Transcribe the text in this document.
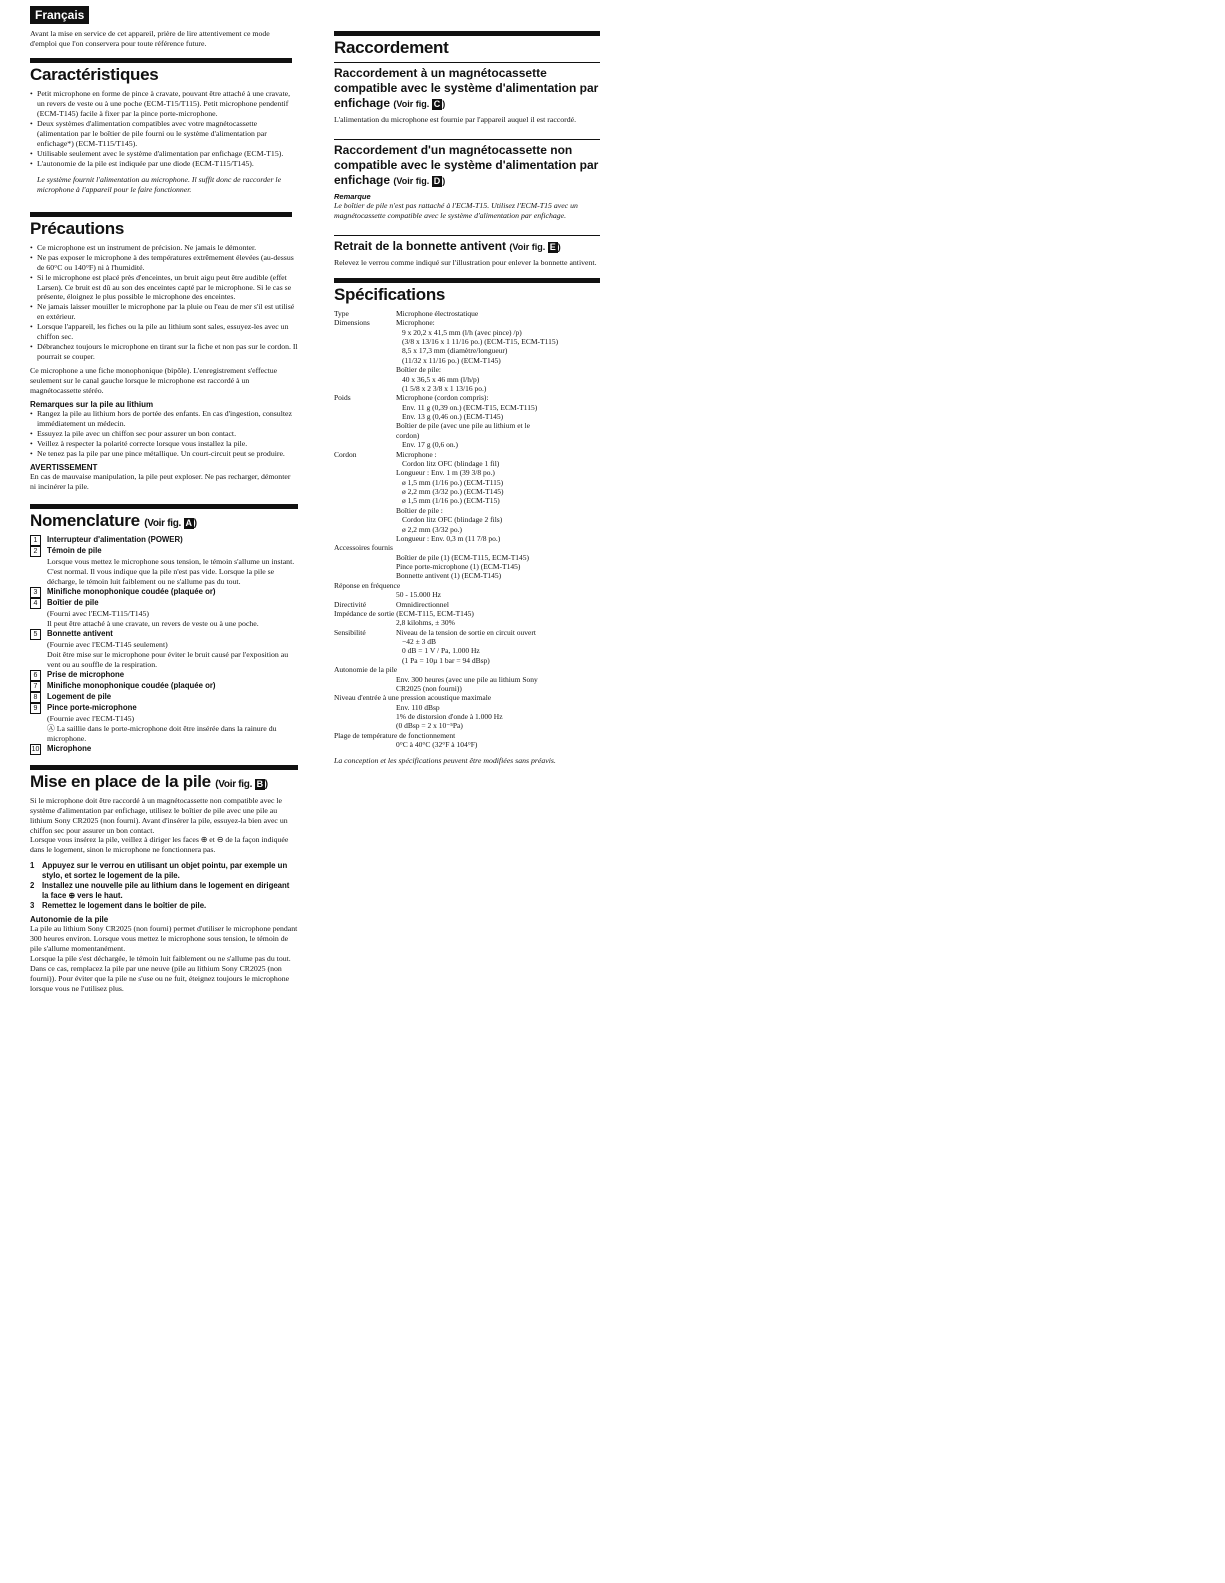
Français

Avant la mise en service de cet appareil, prière de lire attentivement ce mode d'emploi que l'on conservera pour toute référence future.

Caractéristiques
• Petit microphone en forme de pince à cravate, pouvant être attaché à une cravate, un revers de veste ou à une poche (ECM-T15/T115). Petit microphone pendentif (ECM-T145) facile à fixer par la pince porte-microphone.
• Deux systèmes d'alimentation compatibles avec votre magnétocassette (alimentation par le boîtier de pile fourni ou le système d'alimentation par enfichage*) (ECM-T115/T145).
• Utilisable seulement avec le système d'alimentation par enfichage (ECM-T15).
• L'autonomie de la pile est indiquée par une diode (ECM-T115/T145).

Le système fournit l'alimentation au microphone. Il suffit donc de raccorder le microphone à l'appareil pour le faire fonctionner.

Précautions
• Ce microphone est un instrument de précision. Ne jamais le démonter.
• Ne pas exposer le microphone à des températures extrêmement élevées (au-dessus de 60°C ou 140°F) ni à l'humidité.
• Si le microphone est placé près d'enceintes, un bruit aigu peut être audible (effet Larsen). Ce bruit est dû au son des enceintes capté par le microphone. Si le cas se présente, éloignez le plus possible le microphone des enceintes.
• Ne jamais laisser mouiller le microphone par la pluie ou l'eau de mer s'il est utilisé en extérieur.
• Lorsque l'appareil, les fiches ou la pile au lithium sont sales, essuyez-les avec un chiffon sec.
• Débranchez toujours le microphone en tirant sur la fiche et non pas sur le cordon. Il pourrait se couper.

Ce microphone a une fiche monophonique (bipôle). L'enregistrement s'effectue seulement sur le canal gauche lorsque le microphone est raccordé à un magnétocassette stéréo.

Remarques sur la pile au lithium
• Rangez la pile au lithium hors de portée des enfants. En cas d'ingestion, consultez immédiatement un médecin.
• Essuyez la pile avec un chiffon sec pour assurer un bon contact.
• Veillez à respecter la polarité correcte lorsque vous installez la pile.
• Ne tenez pas la pile par une pince métallique. Un court-circuit peut se produire.
AVERTISSEMENT

En cas de mauvaise manipulation, la pile peut exploser. Ne pas recharger, démonter ni incinérer la pile.

Nomenclature (Voir fig. A )
1	Interrupteur d'alimentation (POWER)
2	Témoin de pile

Lorsque vous mettez le microphone sous tension, le témoin s'allume un instant. C'est normal. Il vous indique que la pile n'est pas vide. Lorsque la pile se décharge, le témoin luit faiblement ou ne s'allume pas du tout.

3	Minifiche monophonique coudée (plaquée or)
4	Boîtier de pile

(Fourni avec l'ECM-T115/T145)
Il peut être attaché à une cravate, un revers de veste ou à une poche.

5	Bonnette antivent

(Fournie avec l'ECM-T145 seulement)
Doit être mise sur le microphone pour éviter le bruit causé par l'exposition au vent ou au souffle de la respiration.

6	Prise de microphone
7	Minifiche monophonique coudée (plaquée or)
8	Logement de pile
9	Pince porte-microphone

(Fournie avec l'ECM-T145)
Ⓐ La saillie dans le porte-microphone doit être insérée dans la rainure du microphone.

10 Microphone
Mise en place de la pile (Voir fig. B )

Si le microphone doit être raccordé à un magnétocassette non compatible avec le système d'alimentation par enfichage, utilisez le boîtier de pile avec une pile au lithium Sony CR2025 (non fourni). Avant d'insérer la pile, essuyez-la bien avec un chiffon sec pour assurer un bon contact.

Lorsque vous insérez la pile, veillez à diriger les faces ⊕ et ⊖ de la façon indiquée dans le logement, sinon le microphone ne fonctionnera pas.

1 Appuyez sur le verrou en utilisant un objet pointu, par exemple un stylo, et sortez le logement de la pile.
2 Installez une nouvelle pile au lithium dans le logement en dirigeant la face ⊕ vers le haut.
3 Remettez le logement dans le boîtier de pile.
Autonomie de la pile

La pile au lithium Sony CR2025 (non fourni) permet d'utiliser le microphone pendant 300 heures environ. Lorsque vous mettez le microphone sous tension, le témoin de pile s'allume momentanément.

Lorsque la pile s'est déchargée, le témoin luit faiblement ou ne s'allume pas du tout. Dans ce cas, remplacez la pile par une neuve (pile au lithium Sony CR2025 (non fourni)). Pour éviter que la pile ne s'use ou ne fuit, éteignez toujours le microphone lorsque vous ne l'utilisez plus.

Raccordement
Raccordement à un magnétocassette compatible avec le système d'alimentation par enfichage (Voir fig. C )

L'alimentation du microphone est fournie par l'appareil auquel il est raccordé.

Raccordement d'un magnétocassette non compatible avec le système d'alimentation par enfichage (Voir fig. D )
Remarque

Le boîtier de pile n'est pas rattaché à l'ECM-T15. Utilisez l'ECM-T15 avec un magnétocassette compatible avec le système d'alimentation par enfichage.

Retrait de la bonnette antivent (Voir fig. E )

Relevez le verrou comme indiqué sur l'illustration pour enlever la bonnette antivent.

Spécifications
Type	Microphone électrostatique
Dimensions	Microphone:
9 x 20,2 x 41,5 mm (l/h (avec pince) /p)
(3/8 x 13/16 x 1 11/16 po.) (ECM-T15, ECM-T115)
8,5 x 17,3 mm (diamètre/longueur)
(11/32 x 11/16 po.) (ECM-T145)
Boîtier de pile:
40 x 36,5 x 46 mm (l/h/p)
(1 5/8 x 2 3/8 x 1 13/16 po.)
Poids	Microphone (cordon compris):
Env. 11 g (0,39 on.) (ECM-T15, ECM-T115)
Env. 13 g (0,46 on.) (ECM-T145)
Boîtier de pile (avec une pile au lithium et le
cordon)
Env. 17 g (0,6 on.)
Cordon	Microphone :
Cordon litz OFC (blindage 1 fil)
Longueur : Env. 1 m (39 3/8 po.)
ø 1,5 mm (1/16 po.) (ECM-T115)
ø 2,2 mm (3/32 po.) (ECM-T145)
ø 1,5 mm (1/16 po.) (ECM-T15)
Boîtier de pile :
Cordon litz OFC (blindage 2 fils)
ø 2,2 mm (3/32 po.)
Longueur : Env. 0,3 m (11 7/8 po.)
Accessoires fournis
Boîtier de pile (1) (ECM-T115, ECM-T145)
Pince porte-microphone (1) (ECM-T145)
Bonnette antivent (1) (ECM-T145)
Réponse en fréquence
50 - 15.000 Hz
Directivité	Omnidirectionnel
Impédance de sortie (ECM-T115, ECM-T145)
2,8 kilohms, ± 30%
Sensibilité	Niveau de la tension de sortie en circuit ouvert
−42 ± 3 dB
0 dB = 1 V / Pa, 1.000 Hz
(1 Pa = 10µ 1 bar = 94 dBsp)
Autonomie de la pile
Env. 300 heures (avec une pile au lithium Sony
CR2025 (non fourni))
Niveau d'entrée à une pression acoustique maximale
Env. 110 dBsp
1% de distorsion d'onde à 1.000 Hz
(0 dBsp = 2 x 10⁻⁵Pa)
Plage de température de fonctionnement
0°C à 40°C (32°F à 104°F)

La conception et les spécifications peuvent être modifiées sans préavis.
